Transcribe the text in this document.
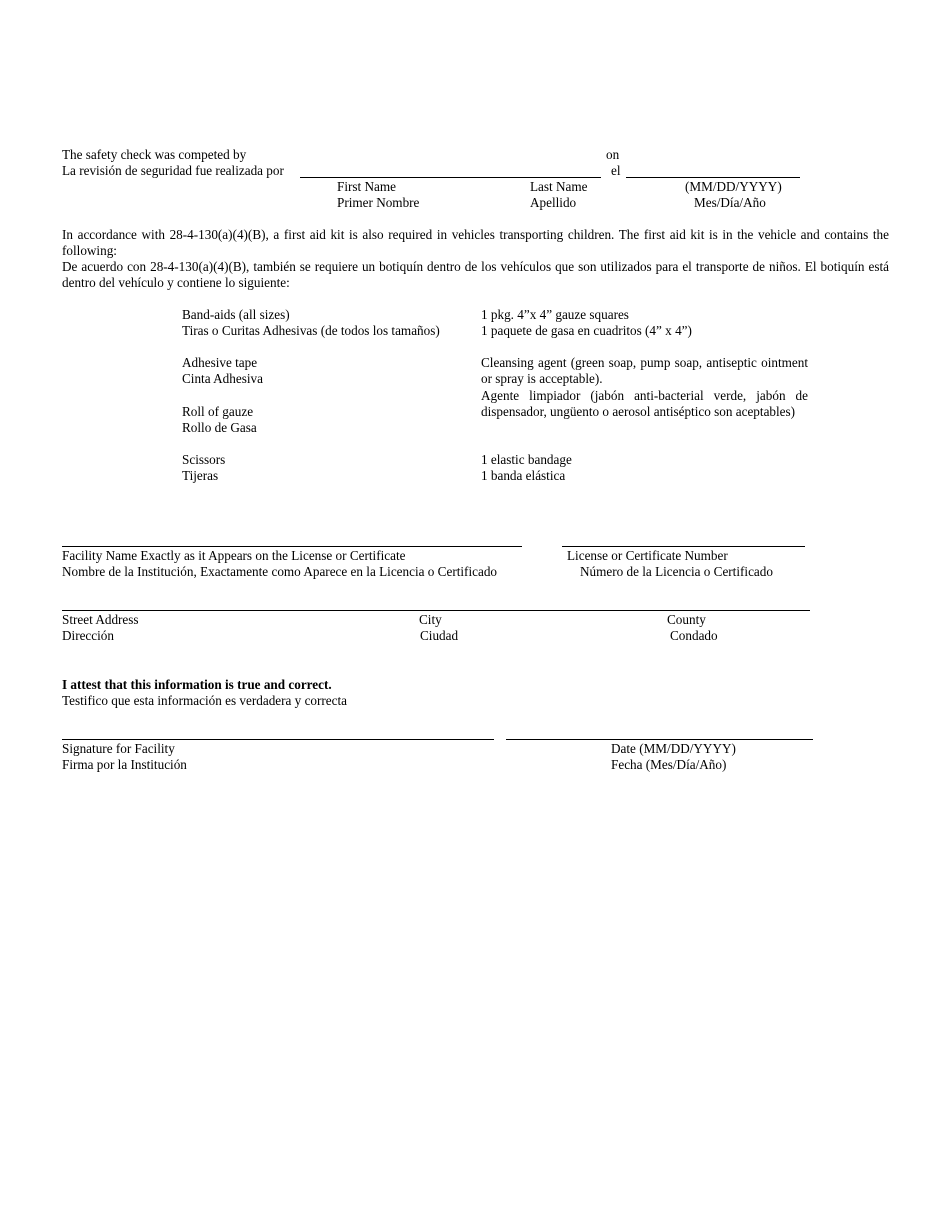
The safety check was competed by	on
La revisión de seguridad fue realizada por	el
First Name
Primer Nombre
Last Name
Apellido
(MM/DD/YYYY)
Mes/Día/Año
In accordance with 28-4-130(a)(4)(B), a first aid kit is also required in vehicles transporting children. The first aid kit is in the vehicle and contains the following:
De acuerdo con 28-4-130(a)(4)(B), también se requiere un botiquín dentro de los vehículos que son utilizados para el transporte de niños. El botiquín está dentro del vehículo y contiene lo siguiente:
Band-aids (all sizes)
Tiras o Curitas Adhesivas (de todos los tamaños)
Adhesive tape
Cinta Adhesiva
Roll of gauze
Rollo de Gasa
Scissors
Tijeras
1 pkg. 4”x 4” gauze squares
1 paquete de gasa en cuadritos (4” x 4”)
Cleansing agent (green soap, pump soap, antiseptic ointment or spray is acceptable).
Agente limpiador (jabón anti-bacterial verde, jabón de dispensador, ungüento o aerosol antiséptico son aceptables)
1 elastic bandage
1 banda elástica
Facility Name Exactly as it Appears on the License or Certificate
Nombre de la Institución, Exactamente como Aparece en la Licencia o Certificado
License or Certificate Number
Número de la Licencia o Certificado
Street Address
Dirección
City
Ciudad
County
Condado
I attest that this information is true and correct.
Testifico que esta información es verdadera y correcta
Signature for Facility
Firma por la Institución
Date (MM/DD/YYYY)
Fecha (Mes/Día/Año)
